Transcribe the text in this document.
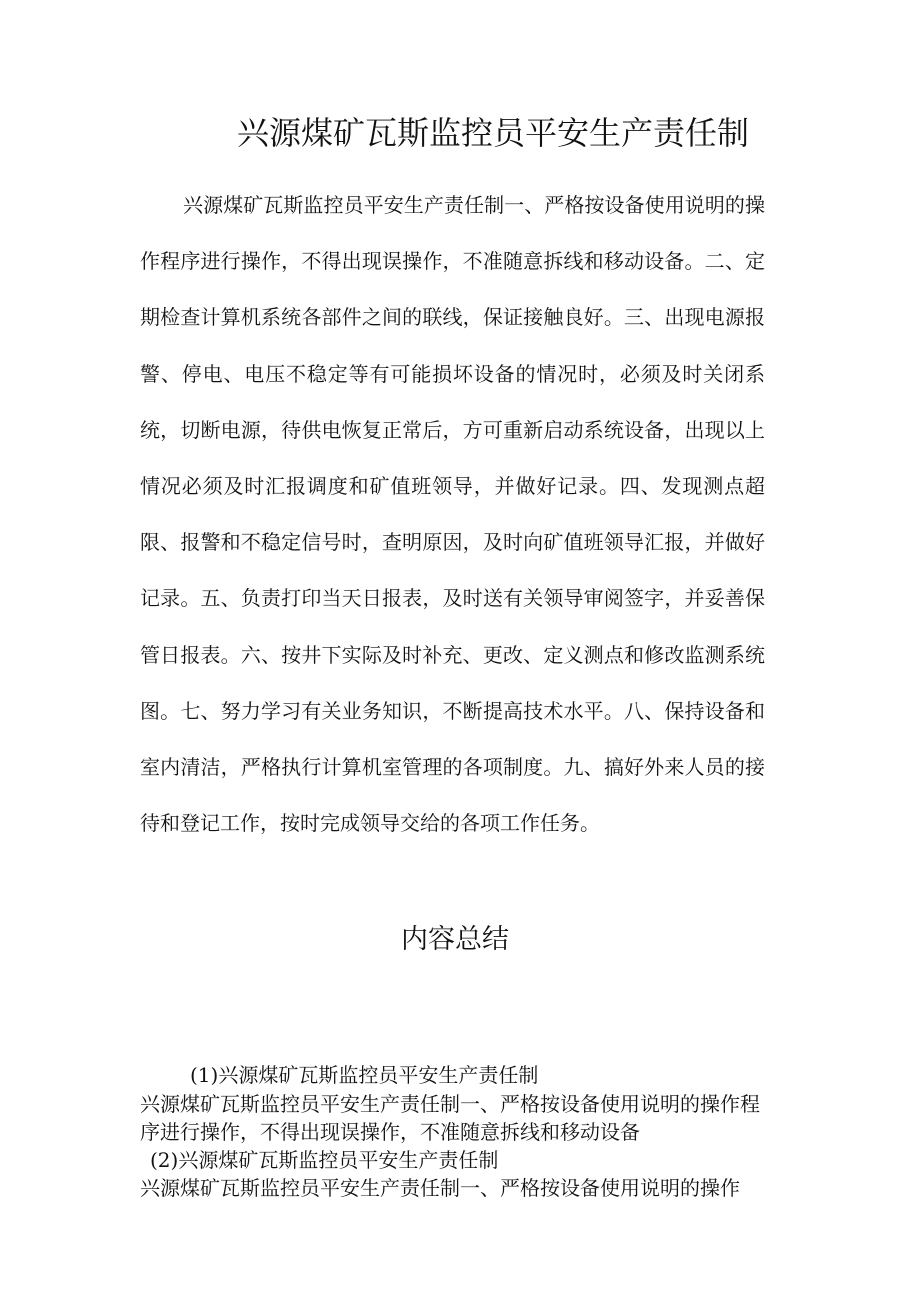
兴源煤矿瓦斯监控员平安生产责任制
兴源煤矿瓦斯监控员平安生产责任制一、严格按设备使用说明的操
作程序进行操作，不得出现误操作，不准随意拆线和移动设备。二、定
期检查计算机系统各部件之间的联线，保证接触良好。三、出现电源报
警、停电、电压不稳定等有可能损坏设备的情况时，必须及时关闭系
统，切断电源，待供电恢复正常后，方可重新启动系统设备，出现以上
情况必须及时汇报调度和矿值班领导，并做好记录。四、发现测点超
限、报警和不稳定信号时，查明原因，及时向矿值班领导汇报，并做好
记录。五、负责打印当天日报表，及时送有关领导审阅签字，并妥善保
管日报表。六、按井下实际及时补充、更改、定义测点和修改监测系统
图。七、努力学习有关业务知识，不断提高技术水平。八、保持设备和
室内清洁，严格执行计算机室管理的各项制度。九、搞好外来人员的接
待和登记工作，按时完成领导交给的各项工作任务。
内容总结
(1)兴源煤矿瓦斯监控员平安生产责任制
兴源煤矿瓦斯监控员平安生产责任制一、严格按设备使用说明的操作程序进行操作，不得出现误操作，不准随意拆线和移动设备
(2)兴源煤矿瓦斯监控员平安生产责任制
兴源煤矿瓦斯监控员平安生产责任制一、严格按设备使用说明的操作
